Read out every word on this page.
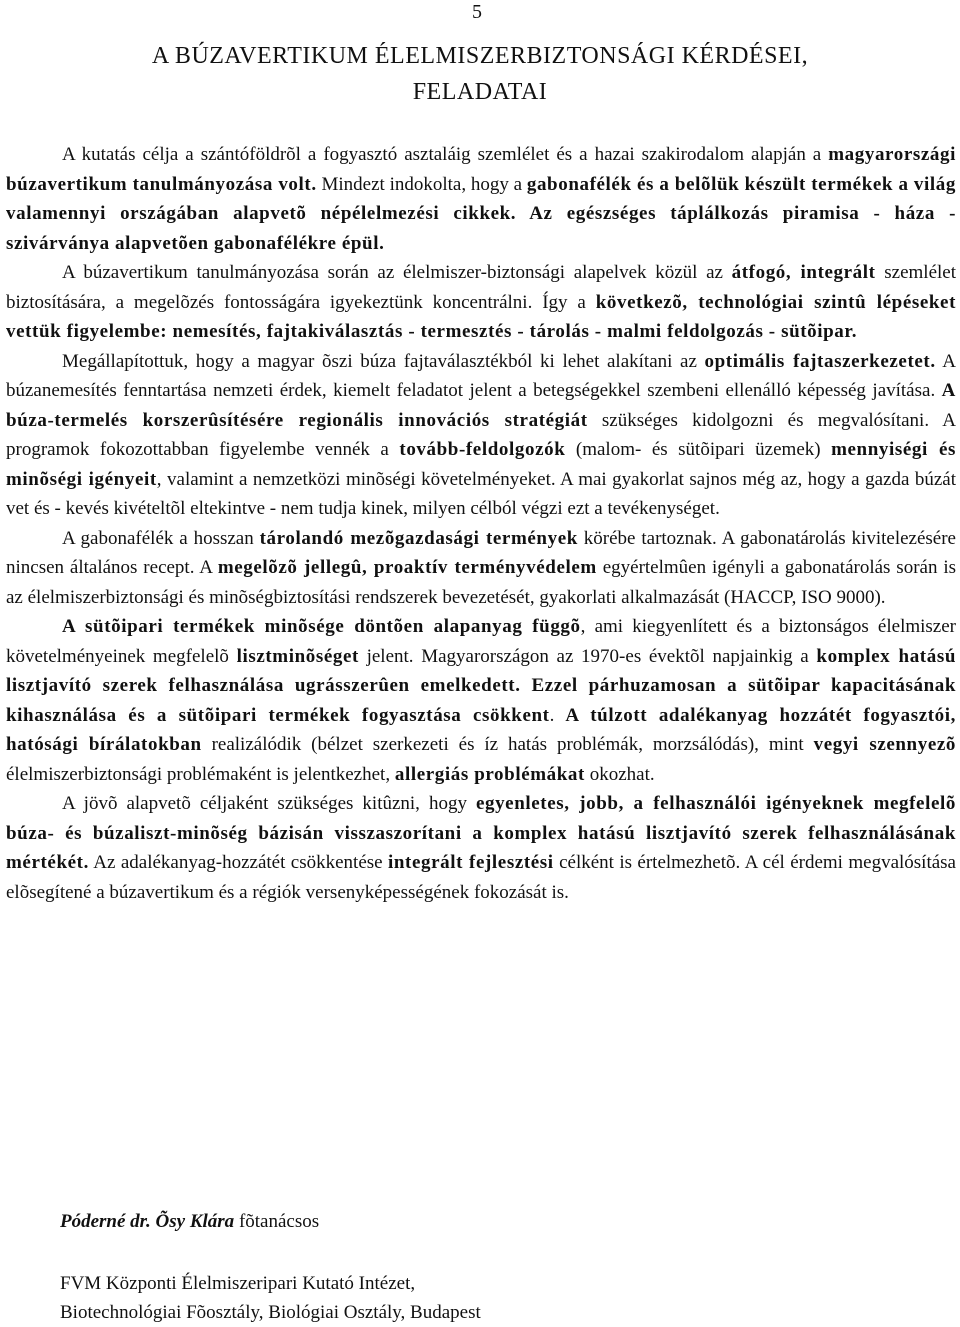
5
A BÚZAVERTIKUM ÉLELMISZERBIZTONSÁGI KÉRDÉSEI,
FELADATAI

A kutatás célja a szántóföldrõl a fogyasztó asztaláig szemlélet és a hazai szakirodalom alapján a magyarországi búzavertikum tanulmányozása volt. Mindezt indokolta, hogy a gabonafélék és a belõlük készült termékek a világ valamennyi országában alapvetõ népélelmezési cikkek. Az egészséges táplálkozás piramisa - háza - szivárványa alapvetõen gabonafélékre épül.

A búzavertikum tanulmányozása során az élelmiszer-biztonsági alapelvek közül az átfogó, integrált szemlélet biztosítására, a megelõzés fontosságára igyekeztünk koncentrálni. Így a következõ, technológiai szintû lépéseket vettük figyelembe: nemesítés, fajtakiválasztás - termesztés - tárolás - malmi feldolgozás - sütõipar.

Megállapítottuk, hogy a magyar õszi búza fajtaválasztékból ki lehet alakítani az optimális fajtaszerkezetet. A búzanemesítés fenntartása nemzeti érdek, kiemelt feladatot jelent a betegségekkel szembeni ellenálló képesség javítása. A búza-termelés korszerûsítésére regionális innovációs stratégiát szükséges kidolgozni és megvalósítani. A programok fokozottabban figyelembe vennék a tovább-feldolgozók (malom- és sütõipari üzemek) mennyiségi és minõségi igényeit, valamint a nemzetközi minõségi követelményeket. A mai gyakorlat sajnos még az, hogy a gazda búzát vet és - kevés kivételtõl eltekintve - nem tudja kinek, milyen célból végzi ezt a tevékenységet.

A gabonafélék a hosszan tárolandó mezõgazdasági termények körébe tartoznak. A gabonatárolás kivitelezésére nincsen általános recept. A megelõzõ jellegû, proaktív terményvédelem egyértelmûen igényli a gabonatárolás során is az élelmiszerbiztonsági és minõségbiztosítási rendszerek bevezetését, gyakorlati alkalmazását (HACCP, ISO 9000).

A sütõipari termékek minõsége döntõen alapanyag függõ, ami kiegyenlített és a biztonságos élelmiszer követelményeinek megfelelõ lisztminõséget jelent. Magyarországon az 1970-es évektõl napjainkig a komplex hatású lisztjavító szerek felhasználása ugrásszerûen emelkedett. Ezzel párhuzamosan a sütõipar kapacitásának kihasználása és a sütõipari termékek fogyasztása csökkent. A túlzott adalékanyag hozzátét fogyasztói, hatósági bírálatokban realizálódik (bélzet szerkezeti és íz hatás problémák, morzsálódás), mint vegyi szennyezõ élelmiszerbiztonsági problémaként is jelentkezhet, allergiás problémákat okozhat.

A jövõ alapvetõ céljaként szükséges kitûzni, hogy egyenletes, jobb, a felhasználói igényeknek megfelelõ búza- és búzaliszt-minõség bázisán visszaszorítani a komplex hatású lisztjavító szerek felhasználásának mértékét. Az adalékanyag-hozzátét csökkentése integrált fejlesztési célként is értelmezhetõ. A cél érdemi megvalósítása elõsegítené a búzavertikum és a régiók versenyképességének fokozását is.

Póderné dr. Õsy Klára fõtanácsos
FVM Központi Élelmiszeripari Kutató Intézet,
Biotechnológiai Fõosztály, Biológiai Osztály, Budapest
